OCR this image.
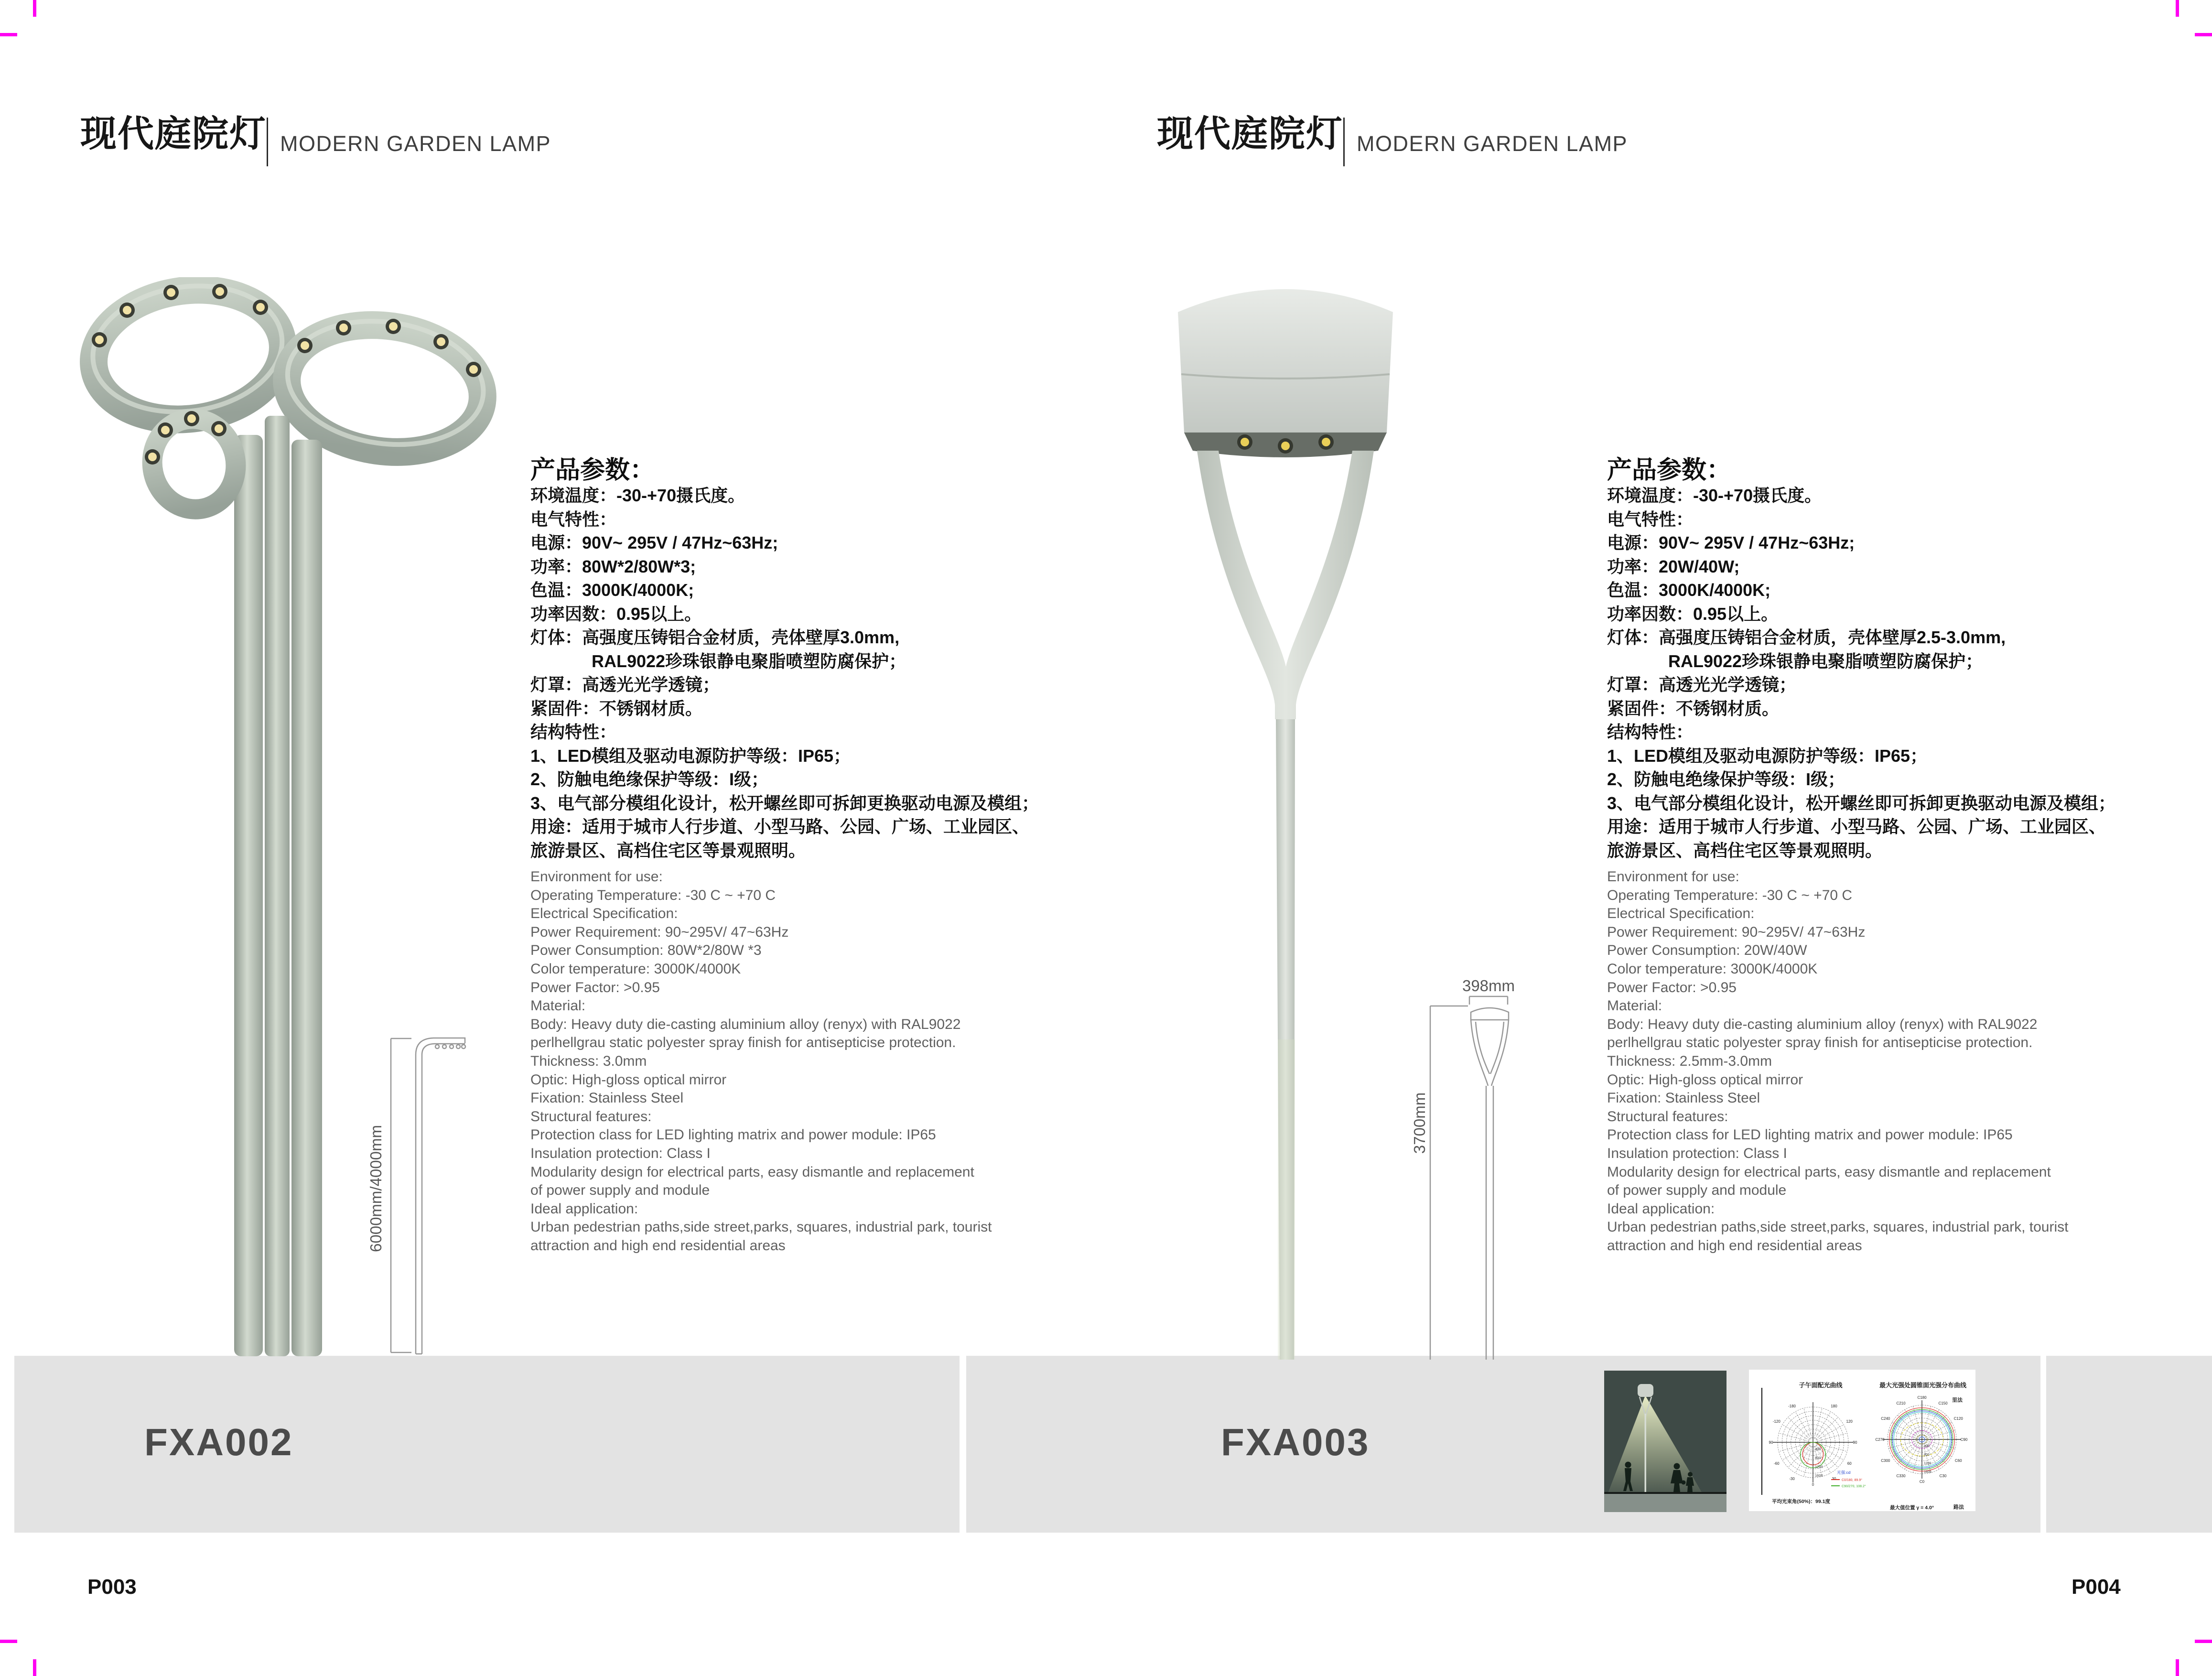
6000mm/4000mm
398mm
3700mm
现代庭院灯 MODERN GARDEN LAMP
产品参数：
环境温度：-30-+70摄氏度。
电气特性：
电源：90V~ 295V / 47Hz~63Hz;
功率：80W*2/80W*3;
色温：3000K/4000K;
功率因数：0.95以上。
灯体：高强度压铸铝合金材质，壳体壁厚3.0mm,
RAL9022珍珠银静电聚脂喷塑防腐保护；
灯罩：高透光光学透镜；
紧固件：不锈钢材质。
结构特性：
1、LED模组及驱动电源防护等级：IP65；
2、防触电绝缘保护等级：I级；
3、电气部分模组化设计，松开螺丝即可拆卸更换驱动电源及模组；
用途：适用于城市人行步道、小型马路、公园、广场、工业园区、
旅游景区、高档住宅区等景观照明。
Environment for use:
Operating Temperature: -30 C ~ +70 C
Electrical Specification:
Power Requirement: 90~295V/ 47~63Hz
Power Consumption: 80W*2/80W *3
Color temperature: 3000K/4000K
Power Factor: >0.95
Material:
Body: Heavy duty die-casting aluminium alloy (renyx) with RAL9022
perlhellgrau static polyester spray finish for antisepticise protection.
Thickness: 3.0mm
Optic: High-gloss optical mirror
Fixation: Stainless Steel
Structural features:
Protection class for LED lighting matrix and power module: IP65
Insulation protection: Class I
Modularity design for electrical parts, easy dismantle and replacement
of power supply and module
Ideal application:
Urban pedestrian paths,side street,parks, squares, industrial park, tourist
attraction and high end residential areas
FXA002
P003
现代庭院灯 MODERN GARDEN LAMP
产品参数：
环境温度：-30-+70摄氏度。
电气特性：
电源：90V~ 295V / 47Hz~63Hz;
功率：20W/40W;
色温：3000K/4000K;
功率因数：0.95以上。
灯体：高强度压铸铝合金材质，壳体壁厚2.5-3.0mm,
RAL9022珍珠银静电聚脂喷塑防腐保护；
灯罩：高透光光学透镜；
紧固件：不锈钢材质。
结构特性：
1、LED模组及驱动电源防护等级：IP65；
2、防触电绝缘保护等级：I级；
3、电气部分模组化设计，松开螺丝即可拆卸更换驱动电源及模组；
用途：适用于城市人行步道、小型马路、公园、广场、工业园区、
旅游景区、高档住宅区等景观照明。
Environment for use:
Operating Temperature: -30 C ~ +70 C
Electrical Specification:
Power Requirement: 90~295V/ 47~63Hz
Power Consumption: 20W/40W
Color temperature: 3000K/4000K
Power Factor: >0.95
Material:
Body: Heavy duty die-casting aluminium alloy (renyx) with RAL9022
perlhellgrau static polyester spray finish for antisepticise protection.
Thickness: 2.5mm-3.0mm
Optic: High-gloss optical mirror
Fixation: Stainless Steel
Structural features:
Protection class for LED lighting matrix and power module: IP65
Insulation protection: Class I
Modularity design for electrical parts, easy dismantle and replacement
of power supply and module
Ideal application:
Urban pedestrian paths,side street,parks, squares, industrial park, tourist
attraction and high end residential areas
FXA003
P004
子午面配光曲线	最大光强处圆锥面光强分布曲线
-180	180
-120	120
90	90
-60	60
-30	30
0
400
800
1200
1600
光强:cd
C0/180, 89.9°
C90/270, 108.2°
C180
C150
C120
C90
C60
C30
C0
C330
C300
C270
C240
C210
400
800
1200
1600
平均光束角(50%)：99.1度
最大值位置 γ = 4.0°
里法
路法
